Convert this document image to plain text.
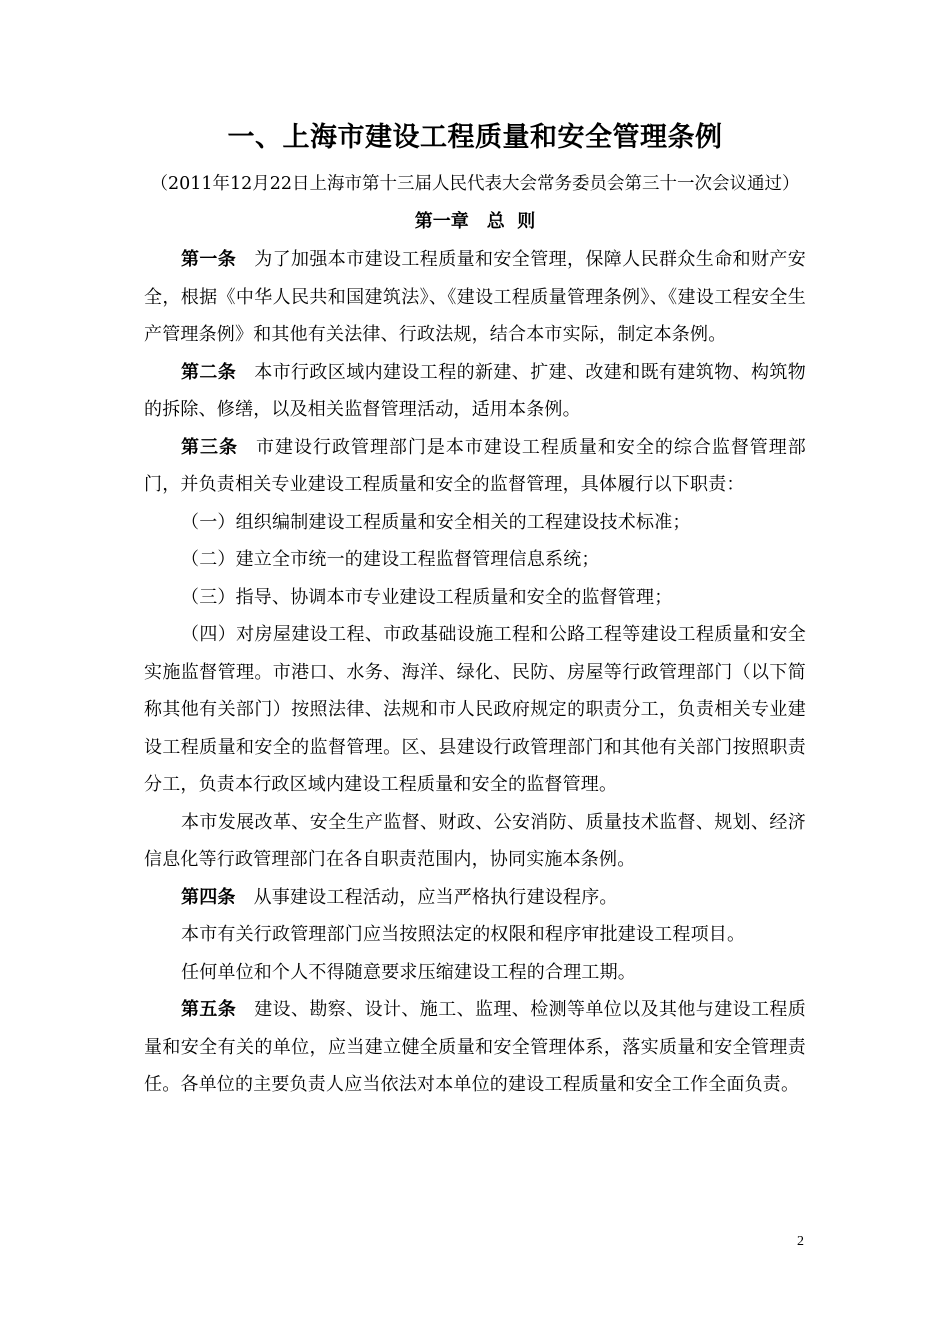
一、上海市建设工程质量和安全管理条例

（2011年12月22日上海市第十三届人民代表大会常务委员会第三十一次会议通过）

第一章　总  则

第一条 为了加强本市建设工程质量和安全管理，保障人民群众生命和财产安全，根据《中华人民共和国建筑法》、《建设工程质量管理条例》、《建设工程安全生产管理条例》和其他有关法律、行政法规，结合本市实际，制定本条例。

第二条 本市行政区域内建设工程的新建、扩建、改建和既有建筑物、构筑物的拆除、修缮，以及相关监督管理活动，适用本条例。

第三条 市建设行政管理部门是本市建设工程质量和安全的综合监督管理部门，并负责相关专业建设工程质量和安全的监督管理，具体履行以下职责：

（一）组织编制建设工程质量和安全相关的工程建设技术标准；

（二）建立全市统一的建设工程监督管理信息系统；

（三）指导、协调本市专业建设工程质量和安全的监督管理；

（四）对房屋建设工程、市政基础设施工程和公路工程等建设工程质量和安全实施监督管理。市港口、水务、海洋、绿化、民防、房屋等行政管理部门（以下简称其他有关部门）按照法律、法规和市人民政府规定的职责分工，负责相关专业建设工程质量和安全的监督管理。区、县建设行政管理部门和其他有关部门按照职责分工，负责本行政区域内建设工程质量和安全的监督管理。

本市发展改革、安全生产监督、财政、公安消防、质量技术监督、规划、经济信息化等行政管理部门在各自职责范围内，协同实施本条例。

第四条 从事建设工程活动，应当严格执行建设程序。

本市有关行政管理部门应当按照法定的权限和程序审批建设工程项目。

任何单位和个人不得随意要求压缩建设工程的合理工期。

第五条 建设、勘察、设计、施工、监理、检测等单位以及其他与建设工程质量和安全有关的单位，应当建立健全质量和安全管理体系，落实质量和安全管理责任。各单位的主要负责人应当依法对本单位的建设工程质量和安全工作全面负责。

2
